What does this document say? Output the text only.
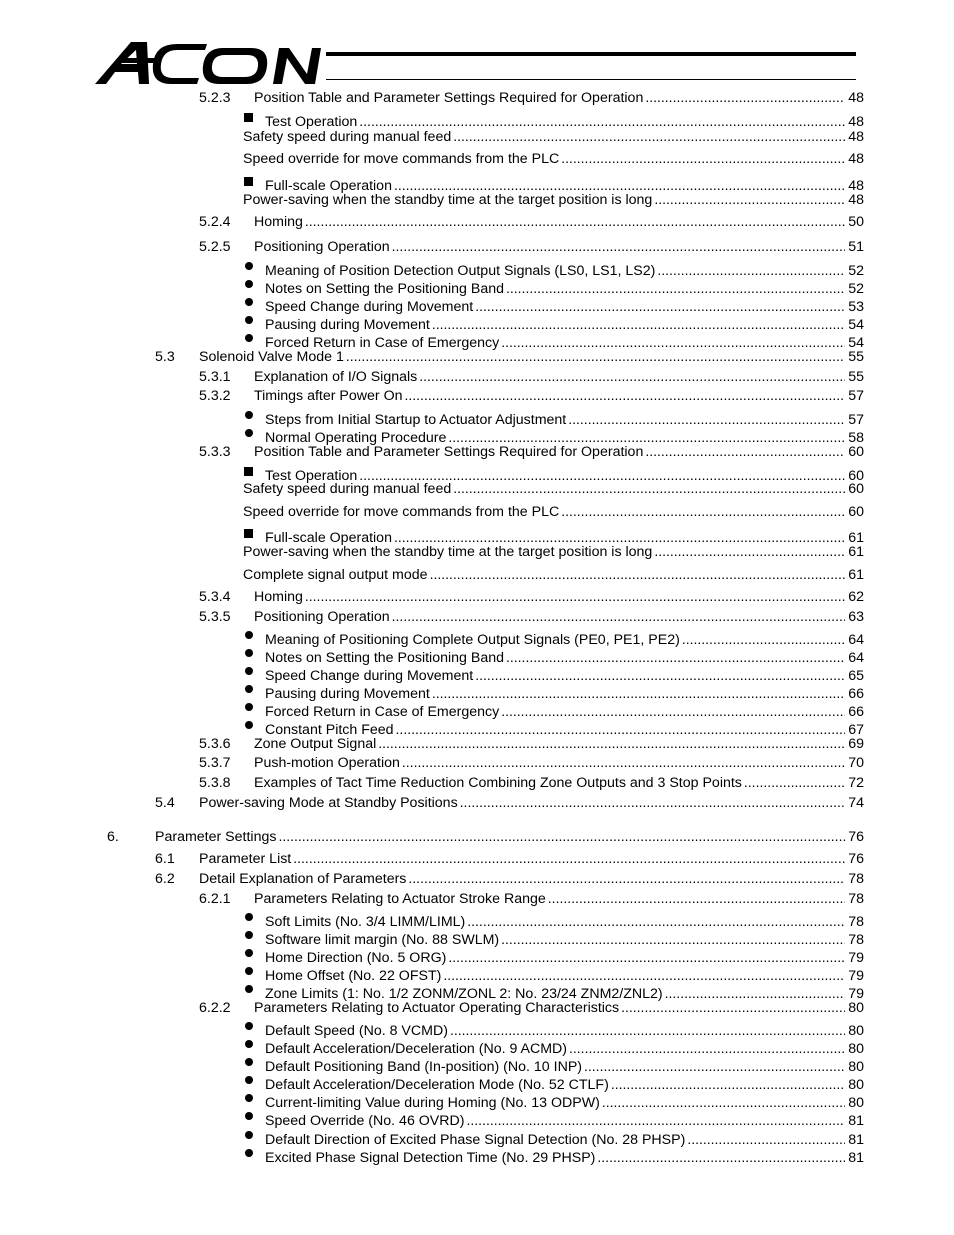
5.2.3	Position Table and Parameter Settings Required for Operation .....	48
Test Operation .....	48
Safety speed during manual feed .....	48
Speed override for move commands from the PLC .....	48
Full-scale Operation .....	48
Power-saving when the standby time at the target position is long .....	48
5.2.4	Homing .....	50
5.2.5	Positioning Operation .....	51
Meaning of Position Detection Output Signals (LS0, LS1, LS2) .....	52
Notes on Setting the Positioning Band .....	52
Speed Change during Movement .....	53
Pausing during Movement .....	54
Forced Return in Case of Emergency .....	54
5.3	Solenoid Valve Mode 1 .....	55
5.3.1	Explanation of I/O Signals .....	55
5.3.2	Timings after Power On .....	57
Steps from Initial Startup to Actuator Adjustment .....	57
Normal Operating Procedure .....	58
5.3.3	Position Table and Parameter Settings Required for Operation .....	60
Test Operation .....	60
Safety speed during manual feed .....	60
Speed override for move commands from the PLC .....	60
Full-scale Operation .....	61
Power-saving when the standby time at the target position is long .....	61
Complete signal output mode .....	61
5.3.4	Homing .....	62
5.3.5	Positioning Operation .....	63
Meaning of Positioning Complete Output Signals (PE0, PE1, PE2) .....	64
Notes on Setting the Positioning Band .....	64
Speed Change during Movement .....	65
Pausing during Movement .....	66
Forced Return in Case of Emergency .....	66
Constant Pitch Feed .....	67
5.3.6	Zone Output Signal .....	69
5.3.7	Push-motion Operation .....	70
5.3.8	Examples of Tact Time Reduction Combining Zone Outputs and 3 Stop Points .....	72
5.4	Power-saving Mode at Standby Positions .....	74
6.	Parameter Settings .....	76
6.1	Parameter List .....	76
6.2	Detail Explanation of Parameters .....	78
6.2.1	Parameters Relating to Actuator Stroke Range .....	78
Soft Limits (No. 3/4 LIMM/LIML) .....	78
Software limit margin (No. 88 SWLM) .....	78
Home Direction (No. 5 ORG) .....	79
Home Offset (No. 22 OFST) .....	79
Zone Limits (1: No. 1/2 ZONM/ZONL 2: No. 23/24 ZNM2/ZNL2) .....	79
6.2.2	Parameters Relating to Actuator Operating Characteristics .....	80
Default Speed (No. 8 VCMD) .....	80
Default Acceleration/Deceleration (No. 9 ACMD) .....	80
Default Positioning Band (In-position) (No. 10 INP) .....	80
Default Acceleration/Deceleration Mode (No. 52 CTLF) .....	80
Current-limiting Value during Homing (No. 13 ODPW) .....	80
Speed Override (No. 46 OVRD) .....	81
Default Direction of Excited Phase Signal Detection (No. 28 PHSP) .....	81
Excited Phase Signal Detection Time (No. 29 PHSP) .....	81
